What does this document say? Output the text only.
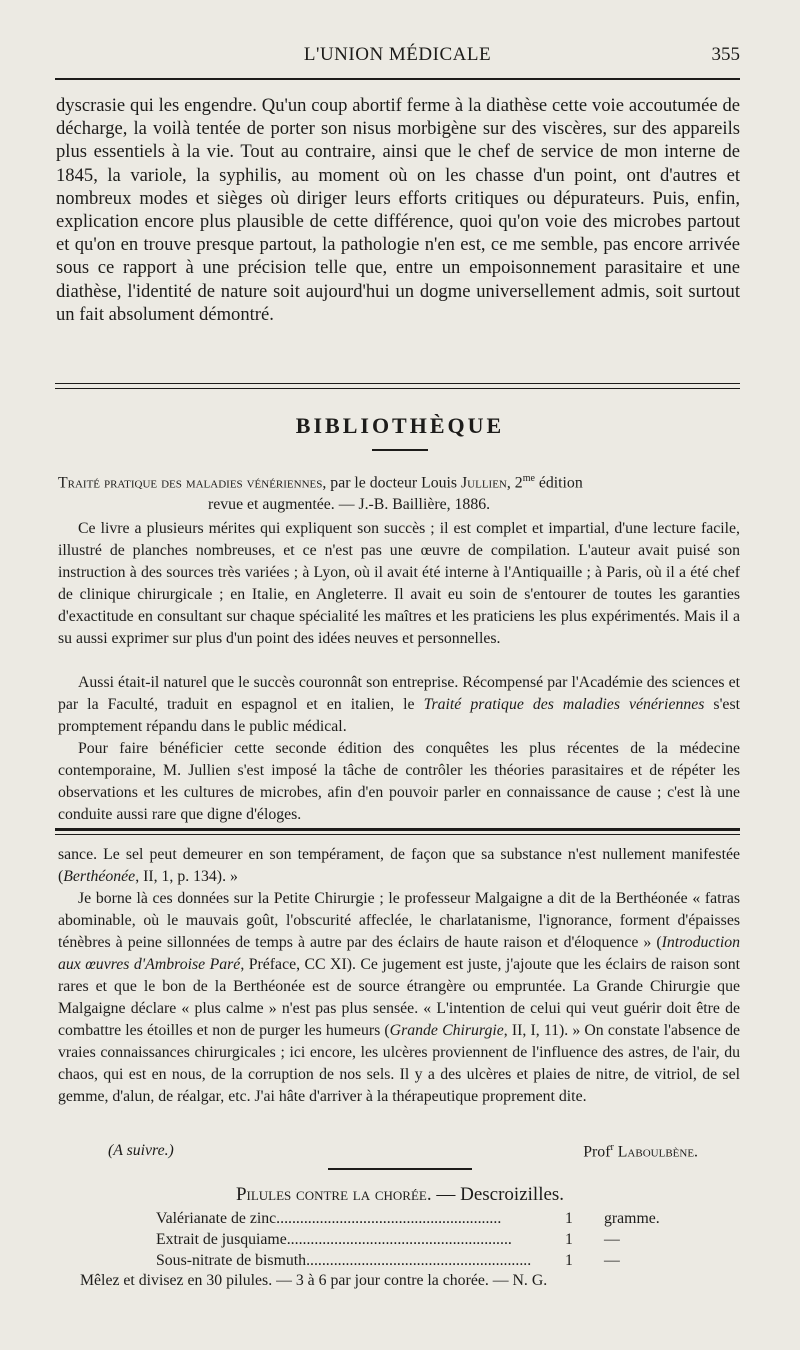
L'UNION MÉDICALE	355

dyscrasie qui les engendre. Qu'un coup abortif ferme à la diathèse cette voie accoutumée de décharge, la voilà tentée de porter son nisus morbigène sur des viscères, sur des appareils plus essentiels à la vie. Tout au contraire, ainsi que le chef de service de mon interne de 1845, la variole, la syphilis, au moment où on les chasse d'un point, ont d'autres et nombreux modes et sièges où diriger leurs efforts critiques ou dépurateurs. Puis, enfin, explication encore plus plausible de cette différence, quoi qu'on voie des microbes partout et qu'on en trouve presque partout, la pathologie n'en est, ce me semble, pas encore arrivée sous ce rapport à une précision telle que, entre un empoisonnement parasitaire et une diathèse, l'identité de nature soit aujourd'hui un dogme universellement admis, soit surtout un fait absolument démontré.

BIBLIOTHÈQUE
Traité pratique des maladies vénériennes, par le docteur Louis Jullien, $2^{me}$ édition
revue et augmentée. — J.-B. Baillière, 1886.

Ce livre a plusieurs mérites qui expliquent son succès ; il est complet et impartial, d'une lecture facile, illustré de planches nombreuses, et ce n'est pas une œuvre de compilation. L'auteur avait puisé son instruction à des sources très variées ; à Lyon, où il avait été interne à l'Antiquaille ; à Paris, où il a été chef de clinique chirurgicale ; en Italie, en Angleterre. Il avait eu soin de s'entourer de toutes les garanties d'exactitude en consultant sur chaque spécialité les maîtres et les praticiens les plus expérimentés. Mais il a su aussi exprimer sur plus d'un point des idées neuves et personnelles.

Aussi était-il naturel que le succès couronnât son entreprise. Récompensé par l'Académie des sciences et par la Faculté, traduit en espagnol et en italien, le Traité pratique des maladies vénériennes s'est promptement répandu dans le public médical.

Pour faire bénéficier cette seconde édition des conquêtes les plus récentes de la médecine contemporaine, M. Jullien s'est imposé la tâche de contrôler les théories parasitaires et de répéter les observations et les cultures de microbes, afin d'en pouvoir parler en connaissance de cause ; c'est là une conduite aussi rare que digne d'éloges.

sance. Le sel peut demeurer en son tempérament, de façon que sa substance n'est nullement manifestée (Berthéonée, II, 1, p. 134). »

Je borne là ces données sur la Petite Chirurgie ; le professeur Malgaigne a dit de la Berthéonée « fatras abominable, où le mauvais goût, l'obscurité affeclée, le charlatanisme, l'ignorance, forment d'épaisses ténèbres à peine sillonnées de temps à autre par des éclairs de haute raison et d'éloquence » (Introduction aux œuvres d'Ambroise Paré, Préface, CC XI). Ce jugement est juste, j'ajoute que les éclairs de raison sont rares et que le bon de la Berthéonée est de source étrangère ou empruntée. La Grande Chirurgie que Malgaigne déclare « plus calme » n'est pas plus sensée. « L'intention de celui qui veut guérir doit être de combattre les étoilles et non de purger les humeurs (Grande Chirurgie, II, I, 11). » On constate l'absence de vraies connaissances chirurgicales ; ici encore, les ulcères proviennent de l'influence des astres, de l'air, du chaos, qui est en nous, de la corruption de nos sels. Il y a des ulcères et plaies de nitre, de vitriol, de sel gemme, d'alun, de réalgar, etc. J'ai hâte d'arriver à la thérapeutique proprement dite.

(A suivre.)	Prof$^r$ Laboulbène.
Pilules contre la chorée. — Descroizilles.
Valérianate de zinc.........................................................	1 gramme.
Extrait de jusquiame.........................................................	1 —
Sous-nitrate de bismuth.........................................................	1 —
Mêlez et divisez en 30 pilules. — 3 à 6 par jour contre la chorée. — N. G.
